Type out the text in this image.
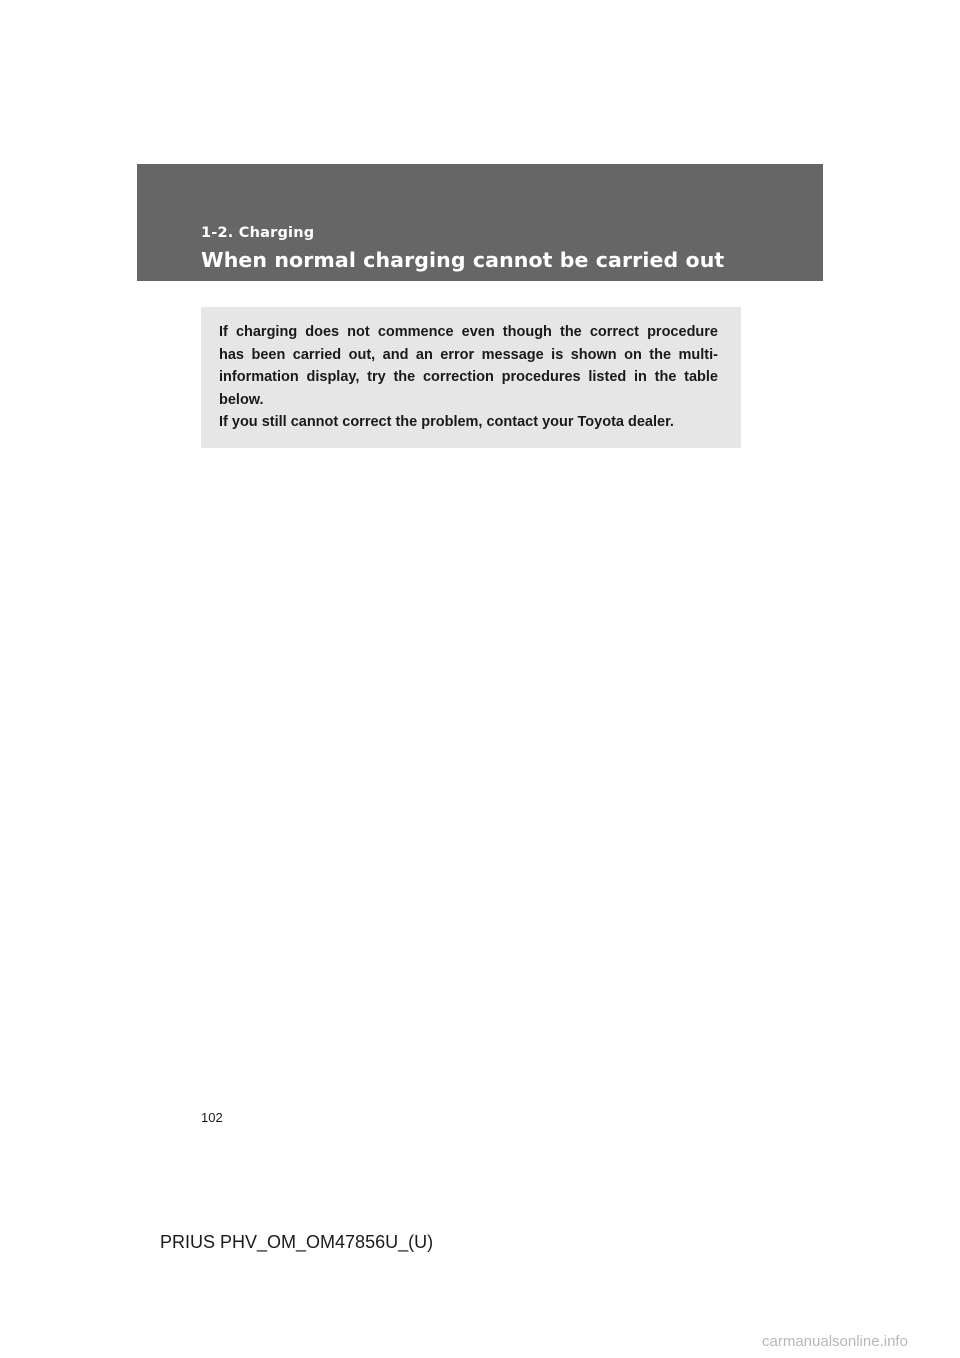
1-2. Charging
When normal charging cannot be carried out

If charging does not commence even though the correct procedure

has been carried out, and an error message is shown on the multi-

information display, try the correction procedures listed in the table

below.

If you still cannot correct the problem, contact your Toyota dealer.

102
PRIUS PHV_OM_OM47856U_(U)
carmanualsonline.info
